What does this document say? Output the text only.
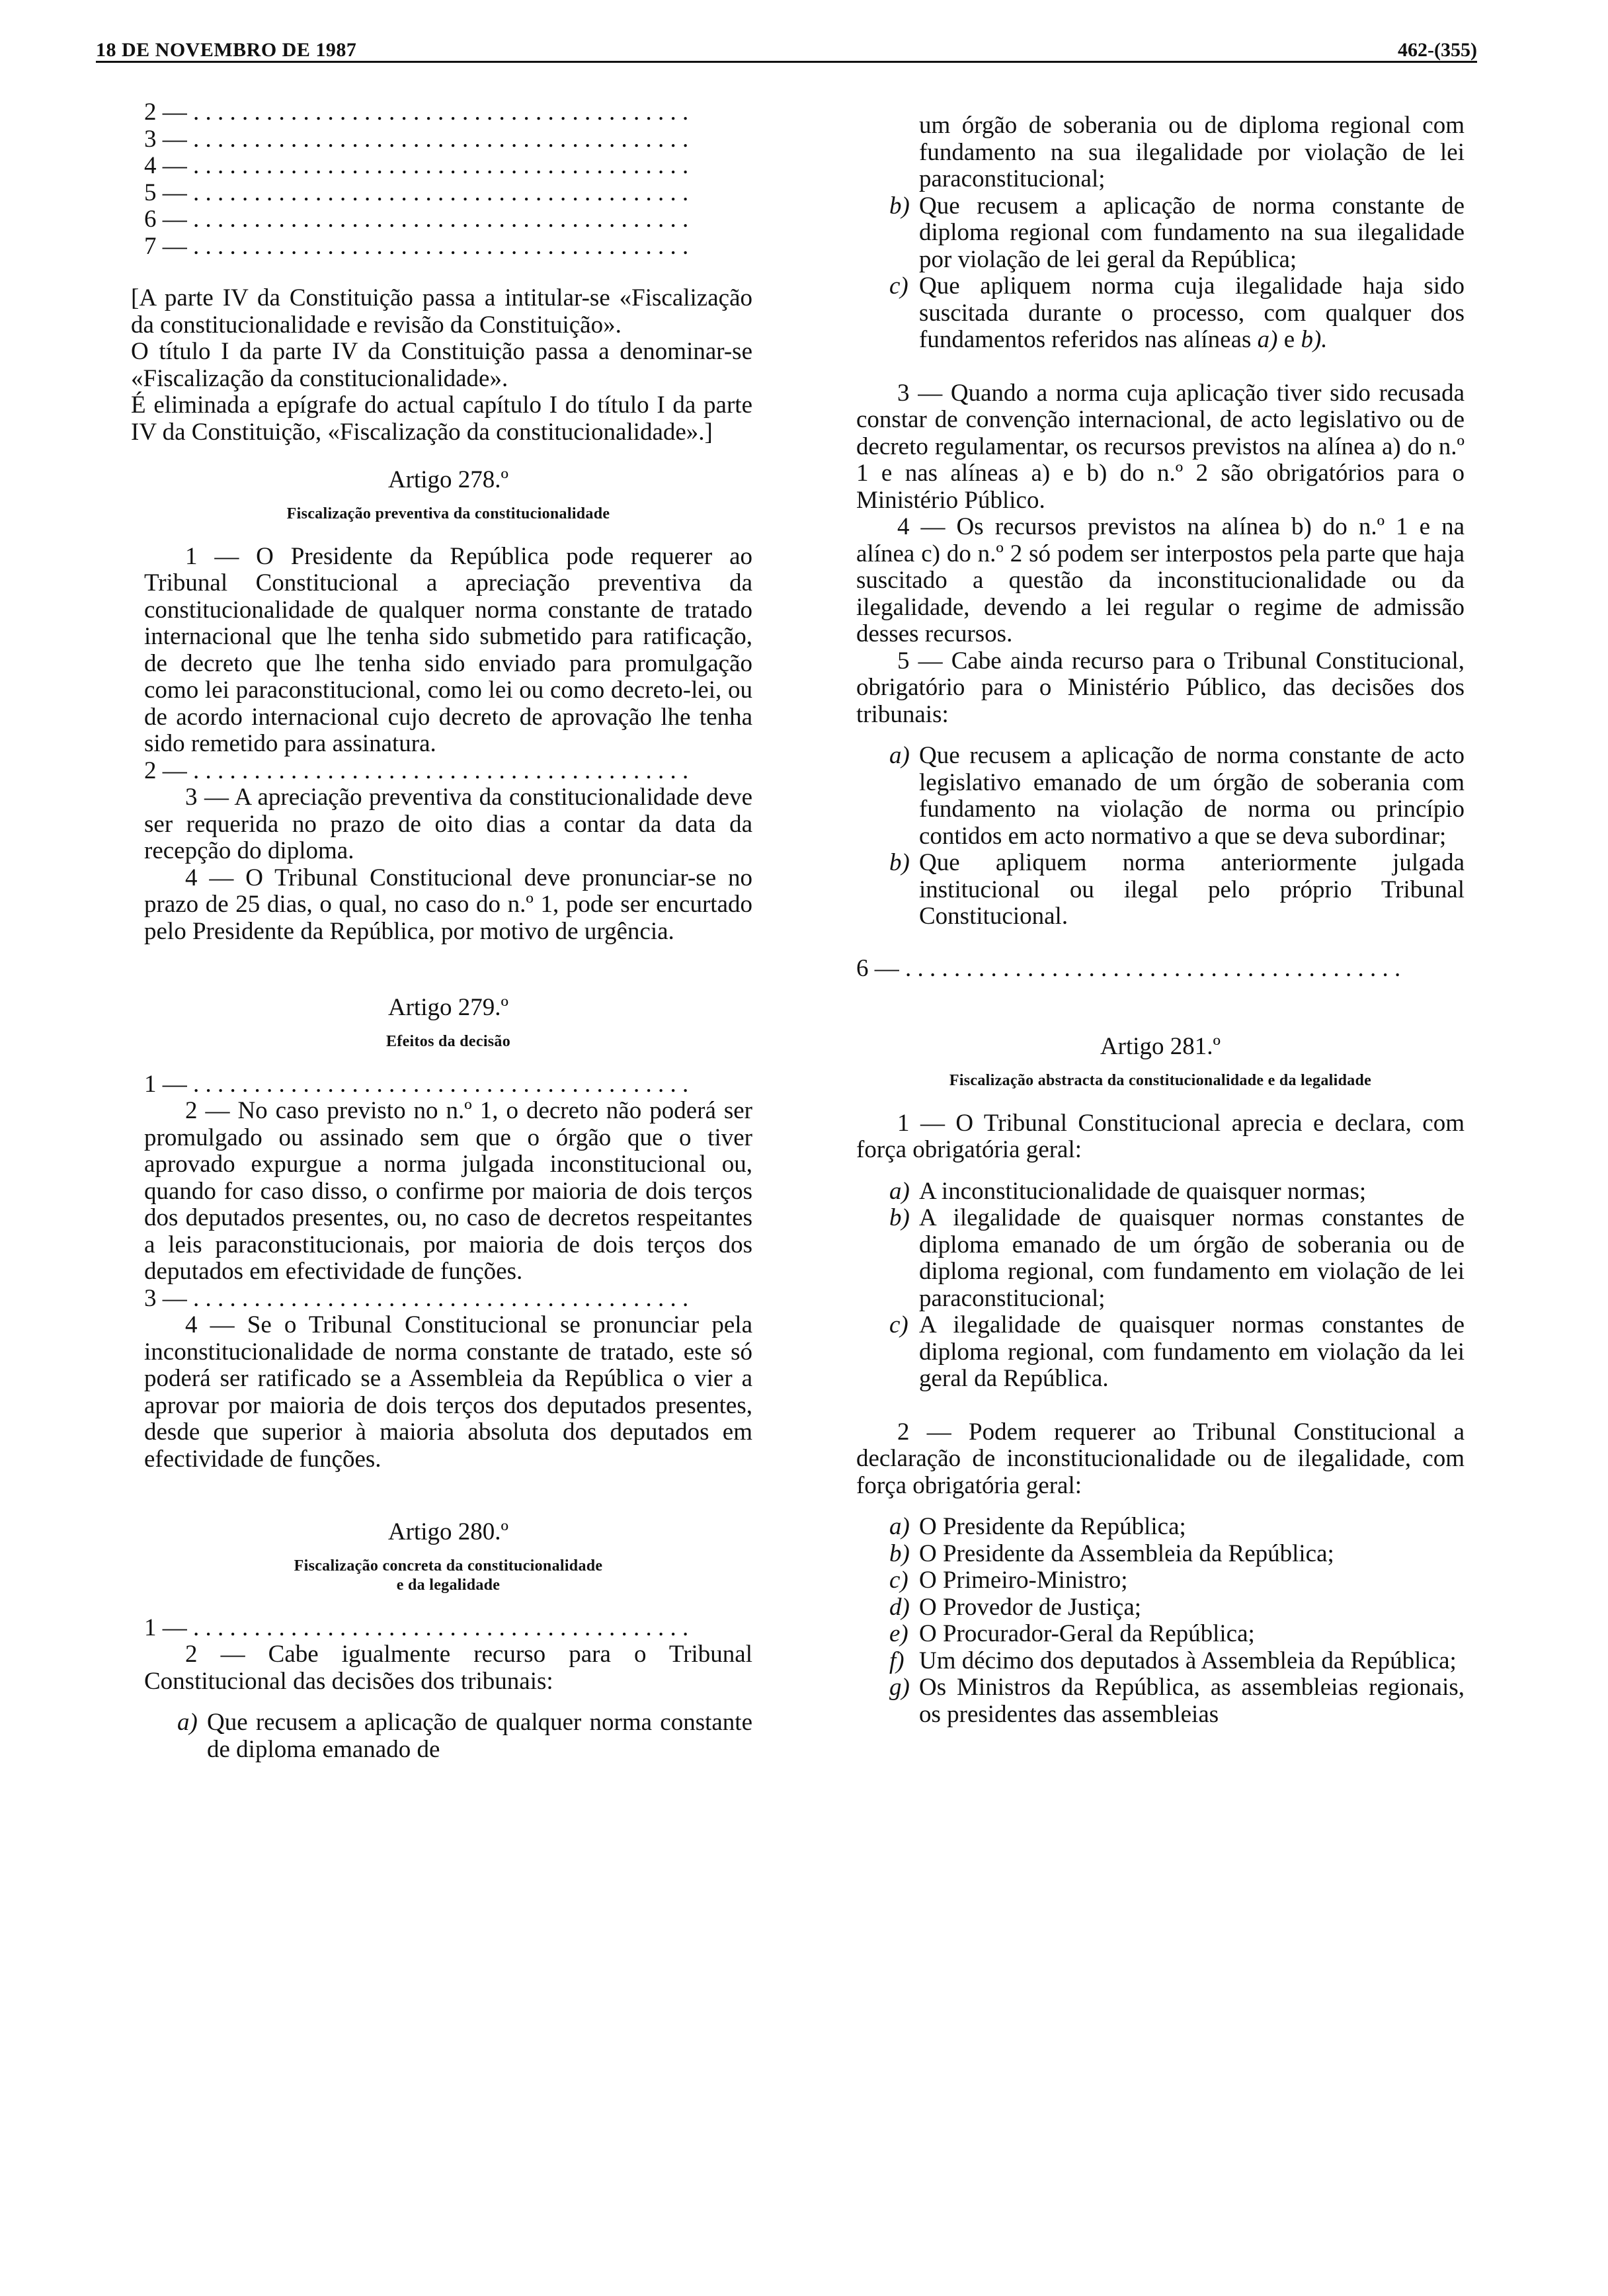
18 DE NOVEMBRO DE 1987	462-(355)

2 — . . . . . . . . . . . . . . . . . . . . . . . . . . . . . . . . . . . . . . . . .

3 — . . . . . . . . . . . . . . . . . . . . . . . . . . . . . . . . . . . . . . . . .

4 — . . . . . . . . . . . . . . . . . . . . . . . . . . . . . . . . . . . . . . . . .

5 — . . . . . . . . . . . . . . . . . . . . . . . . . . . . . . . . . . . . . . . . .

6 — . . . . . . . . . . . . . . . . . . . . . . . . . . . . . . . . . . . . . . . . .

7 — . . . . . . . . . . . . . . . . . . . . . . . . . . . . . . . . . . . . . . . . .

[A parte IV da Constituição passa a intitular-se «Fiscalização da constitucionalidade e revisão da Constituição».

O título I da parte IV da Constituição passa a denominar-se «Fiscalização da constitucionalidade».

É eliminada a epígrafe do actual capítulo I do título I da parte IV da Constituição, «Fiscalização da constitucionalidade».]

Artigo 278.º

Fiscalização preventiva da constitucionalidade

1 — O Presidente da República pode requerer ao Tribunal Constitucional a apreciação preventiva da constitucionalidade de qualquer norma constante de tratado internacional que lhe tenha sido submetido para ratificação, de decreto que lhe tenha sido enviado para promulgação como lei paraconstitucional, como lei ou como decreto-lei, ou de acordo internacional cujo decreto de aprovação lhe tenha sido remetido para assinatura.

2 — . . . . . . . . . . . . . . . . . . . . . . . . . . . . . . . . . . . . . . . . .

3 — A apreciação preventiva da constitucionalidade deve ser requerida no prazo de oito dias a contar da data da recepção do diploma.

4 — O Tribunal Constitucional deve pronunciar-se no prazo de 25 dias, o qual, no caso do n.º 1, pode ser encurtado pelo Presidente da República, por motivo de urgência.

Artigo 279.º

Efeitos da decisão

1 — . . . . . . . . . . . . . . . . . . . . . . . . . . . . . . . . . . . . . . . . .

2 — No caso previsto no n.º 1, o decreto não poderá ser promulgado ou assinado sem que o órgão que o tiver aprovado expurgue a norma julgada inconstitucional ou, quando for caso disso, o confirme por maioria de dois terços dos deputados presentes, ou, no caso de decretos respeitantes a leis paraconstitucionais, por maioria de dois terços dos deputados em efectividade de funções.

3 — . . . . . . . . . . . . . . . . . . . . . . . . . . . . . . . . . . . . . . . . .

4 — Se o Tribunal Constitucional se pronunciar pela inconstitucionalidade de norma constante de tratado, este só poderá ser ratificado se a Assembleia da República o vier a aprovar por maioria de dois terços dos deputados presentes, desde que superior à maioria absoluta dos deputados em efectividade de funções.

Artigo 280.º

Fiscalização concreta da constitucionalidade

e da legalidade

1 — . . . . . . . . . . . . . . . . . . . . . . . . . . . . . . . . . . . . . . . . .

2 — Cabe igualmente recurso para o Tribunal Constitucional das decisões dos tribunais:

a) Que recusem a aplicação de qualquer norma constante de diploma emanado de
um órgão de soberania ou de diploma regional com fundamento na sua ilegalidade por violação de lei paraconstitucional;
b) Que recusem a aplicação de norma constante de diploma regional com fundamento na sua ilegalidade por violação de lei geral da República;
c) Que apliquem norma cuja ilegalidade haja sido suscitada durante o processo, com qualquer dos fundamentos referidos nas alíneas a) e b).

3 — Quando a norma cuja aplicação tiver sido recusada constar de convenção internacional, de acto legislativo ou de decreto regulamentar, os recursos previstos na alínea a) do n.º 1 e nas alíneas a) e b) do n.º 2 são obrigatórios para o Ministério Público.

4 — Os recursos previstos na alínea b) do n.º 1 e na alínea c) do n.º 2 só podem ser interpostos pela parte que haja suscitado a questão da inconstitucionalidade ou da ilegalidade, devendo a lei regular o regime de admissão desses recursos.

5 — Cabe ainda recurso para o Tribunal Constitucional, obrigatório para o Ministério Público, das decisões dos tribunais:

a) Que recusem a aplicação de norma constante de acto legislativo emanado de um órgão de soberania com fundamento na violação de norma ou princípio contidos em acto normativo a que se deva subordinar;
b) Que apliquem norma anteriormente julgada institucional ou ilegal pelo próprio Tribunal Constitucional.

6 — . . . . . . . . . . . . . . . . . . . . . . . . . . . . . . . . . . . . . . . . .

Artigo 281.º

Fiscalização abstracta da constitucionalidade e da legalidade

1 — O Tribunal Constitucional aprecia e declara, com força obrigatória geral:

a) A inconstitucionalidade de quaisquer normas;
b) A ilegalidade de quaisquer normas constantes de diploma emanado de um órgão de soberania ou de diploma regional, com fundamento em violação de lei paraconstitucional;
c) A ilegalidade de quaisquer normas constantes de diploma regional, com fundamento em violação da lei geral da República.

2 — Podem requerer ao Tribunal Constitucional a declaração de inconstitucionalidade ou de ilegalidade, com força obrigatória geral:

a) O Presidente da República;
b) O Presidente da Assembleia da República;
c) O Primeiro-Ministro;
d) O Provedor de Justiça;
e) O Procurador-Geral da República;
f) Um décimo dos deputados à Assembleia da República;
g) Os Ministros da República, as assembleias regionais, os presidentes das assembleias
